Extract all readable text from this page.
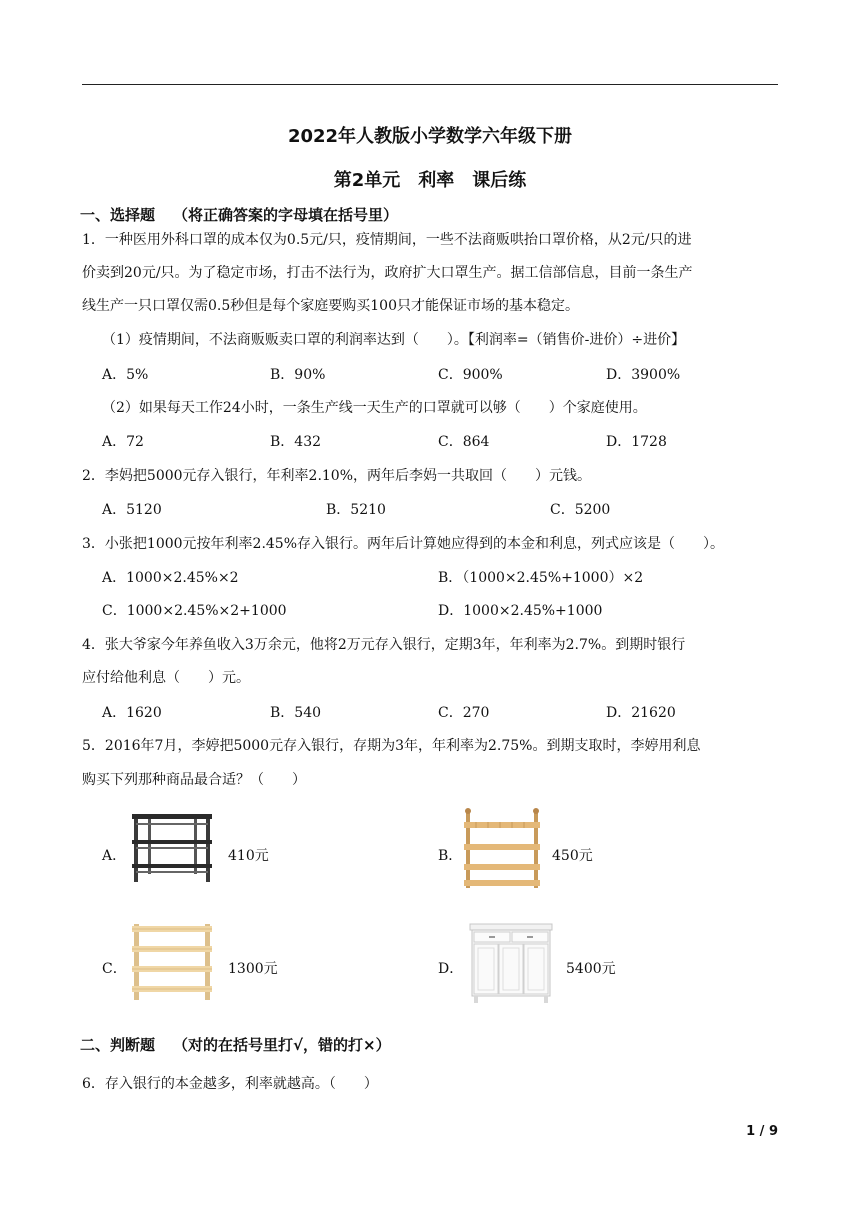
2022年人教版小学数学六年级下册
第2单元　利率　课后练
一、选择题 （将正确答案的字母填在括号里）
1．一种医用外科口罩的成本仅为0.5元/只，疫情期间，一些不法商贩哄抬口罩价格，从2元/只的进
价卖到20元/只。为了稳定市场，打击不法行为，政府扩大口罩生产。据工信部信息，目前一条生产
线生产一只口罩仅需0.5秒但是每个家庭要购买100只才能保证市场的基本稳定。
（1）疫情期间，不法商贩贩卖口罩的利润率达到（　　）。【利润率=（销售价-进价）÷进价】
A．5%	B．90%	C．900%	D．3900%
（2）如果每天工作24小时，一条生产线一天生产的口罩就可以够（　　）个家庭使用。
A．72	B．432	C．864	D．1728
2．李妈把5000元存入银行，年利率2.10%，两年后李妈一共取回（　　）元钱。
A．5120	B．5210	C．5200
3．小张把1000元按年利率2.45%存入银行。两年后计算她应得到的本金和利息，列式应该是（　　）。
A．1000×2.45%×2	B．（1000×2.45%+1000）×2
C．1000×2.45%×2+1000	D．1000×2.45%+1000
4．张大爷家今年养鱼收入3万余元，他将2万元存入银行，定期3年，年利率为2.7%。到期时银行
应付给他利息（　　）元。
A．1620	B．540	C．270	D．21620
5．2016年7月，李婷把5000元存入银行，存期为3年，年利率为2.75%。到期支取时，李婷用利息
购买下列那种商品最合适？（　　）
A．	410元	B．	450元
C．	1300元	D．	5400元
二、判断题 （对的在括号里打√，错的打×）
6．存入银行的本金越多，利率就越高。（　　）
1 / 9
